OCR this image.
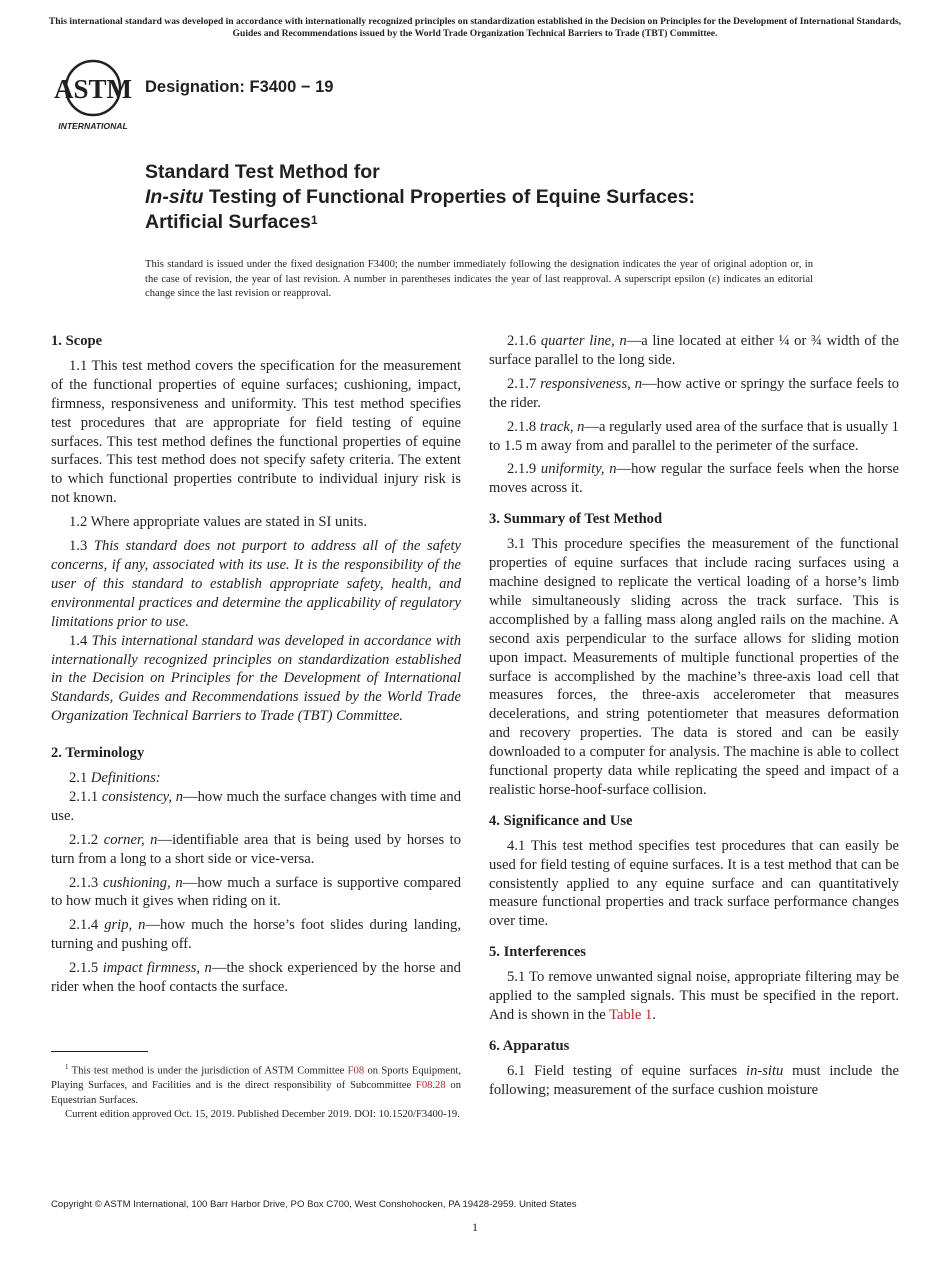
This international standard was developed in accordance with internationally recognized principles on standardization established in the Decision on Principles for the Development of International Standards, Guides and Recommendations issued by the World Trade Organization Technical Barriers to Trade (TBT) Committee.
ASTM
INTERNATIONAL
Designation: F3400 − 19
Standard Test Method for
In-situ Testing of Functional Properties of Equine Surfaces:
Artificial Surfaces$^1$
This standard is issued under the fixed designation F3400; the number immediately following the designation indicates the year of original adoption or, in the case of revision, the year of last revision. A number in parentheses indicates the year of last reapproval. A superscript epsilon (ε) indicates an editorial change since the last revision or reapproval.

1. Scope

1.1 This test method covers the specification for the measurement of the functional properties of equine surfaces; cushioning, impact, firmness, responsiveness and uniformity. This test method specifies test procedures that are appropriate for field testing of equine surfaces. This test method defines the functional properties of equine surfaces. This test method does not specify safety criteria. The extent to which functional properties contribute to individual injury risk is not known.

1.2 Where appropriate values are stated in SI units.

1.3 This standard does not purport to address all of the safety concerns, if any, associated with its use. It is the responsibility of the user of this standard to establish appropriate safety, health, and environmental practices and determine the applicability of regulatory limitations prior to use.

1.4 This international standard was developed in accordance with internationally recognized principles on standardization established in the Decision on Principles for the Development of International Standards, Guides and Recommendations issued by the World Trade Organization Technical Barriers to Trade (TBT) Committee.

2. Terminology

2.1 Definitions:

2.1.1 consistency, n—how much the surface changes with time and use.

2.1.2 corner, n—identifiable area that is being used by horses to turn from a long to a short side or vice-versa.

2.1.3 cushioning, n—how much a surface is supportive compared to how much it gives when riding on it.

2.1.4 grip, n—how much the horse’s foot slides during landing, turning and pushing off.

2.1.5 impact firmness, n—the shock experienced by the horse and rider when the hoof contacts the surface.

2.1.6 quarter line, n—a line located at either ¼ or ¾ width of the surface parallel to the long side.

2.1.7 responsiveness, n—how active or springy the surface feels to the rider.

2.1.8 track, n—a regularly used area of the surface that is usually 1 to 1.5 m away from and parallel to the perimeter of the surface.

2.1.9 uniformity, n—how regular the surface feels when the horse moves across it.

3. Summary of Test Method

3.1 This procedure specifies the measurement of the functional properties of equine surfaces that include racing surfaces using a machine designed to replicate the vertical loading of a horse’s limb while simultaneously sliding across the track surface. This is accomplished by a falling mass along angled rails on the machine. A second axis perpendicular to the surface allows for sliding motion upon impact. Measurements of multiple functional properties of the surface is accomplished by the machine’s three-axis load cell that measures forces, the three-axis accelerometer that measures decelerations, and string potentiometer that measures deformation and recovery properties. The data is stored and can be easily downloaded to a computer for analysis. The machine is able to collect functional property data while replicating the speed and impact of a realistic horse-hoof-surface collision.

4. Significance and Use

4.1 This test method specifies test procedures that can easily be used for field testing of equine surfaces. It is a test method that can be consistently applied to any equine surface and can quantitatively measure functional properties and track surface performance changes over time.

5. Interferences

5.1 To remove unwanted signal noise, appropriate filtering may be applied to the sampled signals. This must be specified in the report. And is shown in the Table 1.

6. Apparatus

6.1 Field testing of equine surfaces in-situ must include the following; measurement of the surface cushion moisture

$^1$ This test method is under the jurisdiction of ASTM Committee F08 on Sports Equipment, Playing Surfaces, and Facilities and is the direct responsibility of Subcommittee F08.28 on Equestrian Surfaces.

Current edition approved Oct. 15, 2019. Published December 2019. DOI: 10.1520/F3400-19.

Copyright © ASTM International, 100 Barr Harbor Drive, PO Box C700, West Conshohocken, PA 19428-2959. United States
1
